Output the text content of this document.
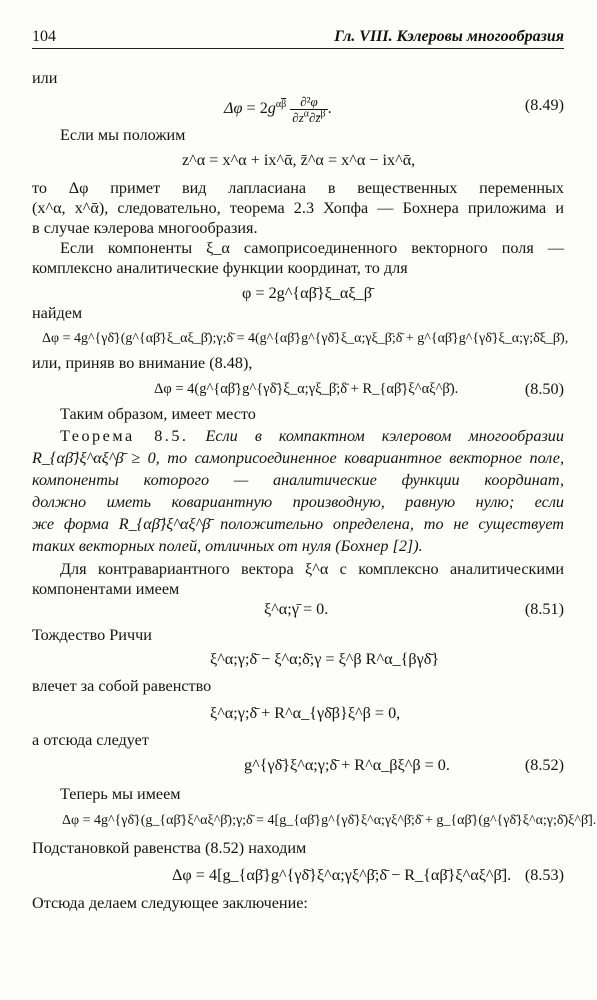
104	Гл. VIII. Кэлеровы многообразия
или
$\Delta\varphi = 2g^{\alpha\overline{\beta}} \frac{\text{∂²φ}}{\partial z^\alpha\partial z̄^\beta}$ .	(8.49)
Если мы положим
z^α = x^α + ix^ᾱ, z̄^α = x^α − ix^ᾱ,
то Δφ примет вид лапласиана в вещественных переменных
(x^α, x^ᾱ), следовательно, теорема 2.3 Хопфа — Бохнера приложима и
в случае кэлерова многообразия.
Если компоненты ξ_α самоприсоединенного векторного поля —
комплексно аналитические функции координат, то для
φ = 2g^{αβ̄}ξ_αξ_β̄
найдем
Δφ = 4g^{γδ̄}(g^{αβ̄}ξ_αξ_β̄);γ;δ̄ = 4(g^{αβ̄}g^{γδ̄}ξ_α;γξ_β̄;δ̄ + g^{αβ̄}g^{γδ̄}ξ_α;γ;δ̄ξ_β̄),
или, приняв во внимание (8.48),
Δφ = 4(g^{αβ̄}g^{γδ̄}ξ_α;γξ_β̄;δ̄ + R_{αβ̄}ξ^αξ^β̄).	(8.50)
Таким образом, имеет место
Теорема 8.5. Если в компактном кэлеровом многообразии
R_{αβ̄}ξ^αξ^β̄ ≥ 0, то самоприсоединенное ковариантное векторное поле,
компоненты которого — аналитические функции координат,
должно иметь ковариантную производную, равную нулю; если
же форма R_{αβ̄}ξ^αξ^β̄ положительно определена, то не существует
таких векторных полей, отличных от нуля (Бохнер [2]).
Для контравариантного вектора ξ^α с комплексно аналитическими
компонентами имеем
ξ^α;γ̄ = 0.	(8.51)
Тождество Риччи
ξ^α;γ;δ̄ − ξ^α;δ̄;γ = ξ^β R^α_{βγδ̄}
влечет за собой равенство
ξ^α;γ;δ̄ + R^α_{γδ̄β}ξ^β = 0,
а отсюда следует
g^{γδ̄}ξ^α;γ;δ̄ + R^α_βξ^β = 0.	(8.52)
Теперь мы имеем
Δφ = 4g^{γδ̄}(g_{αβ̄}ξ^αξ^β̄);γ;δ̄ = 4[g_{αβ̄}g^{γδ̄}ξ^α;γξ^β̄;δ̄ + g_{αβ̄}(g^{γδ̄}ξ^α;γ;δ̄)ξ^β̄].
Подстановкой равенства (8.52) находим
Δφ = 4[g_{αβ̄}g^{γδ̄}ξ^α;γξ^β̄;δ̄ − R_{αβ̄}ξ^αξ^β̄]. (8.53)
Отсюда делаем следующее заключение:
